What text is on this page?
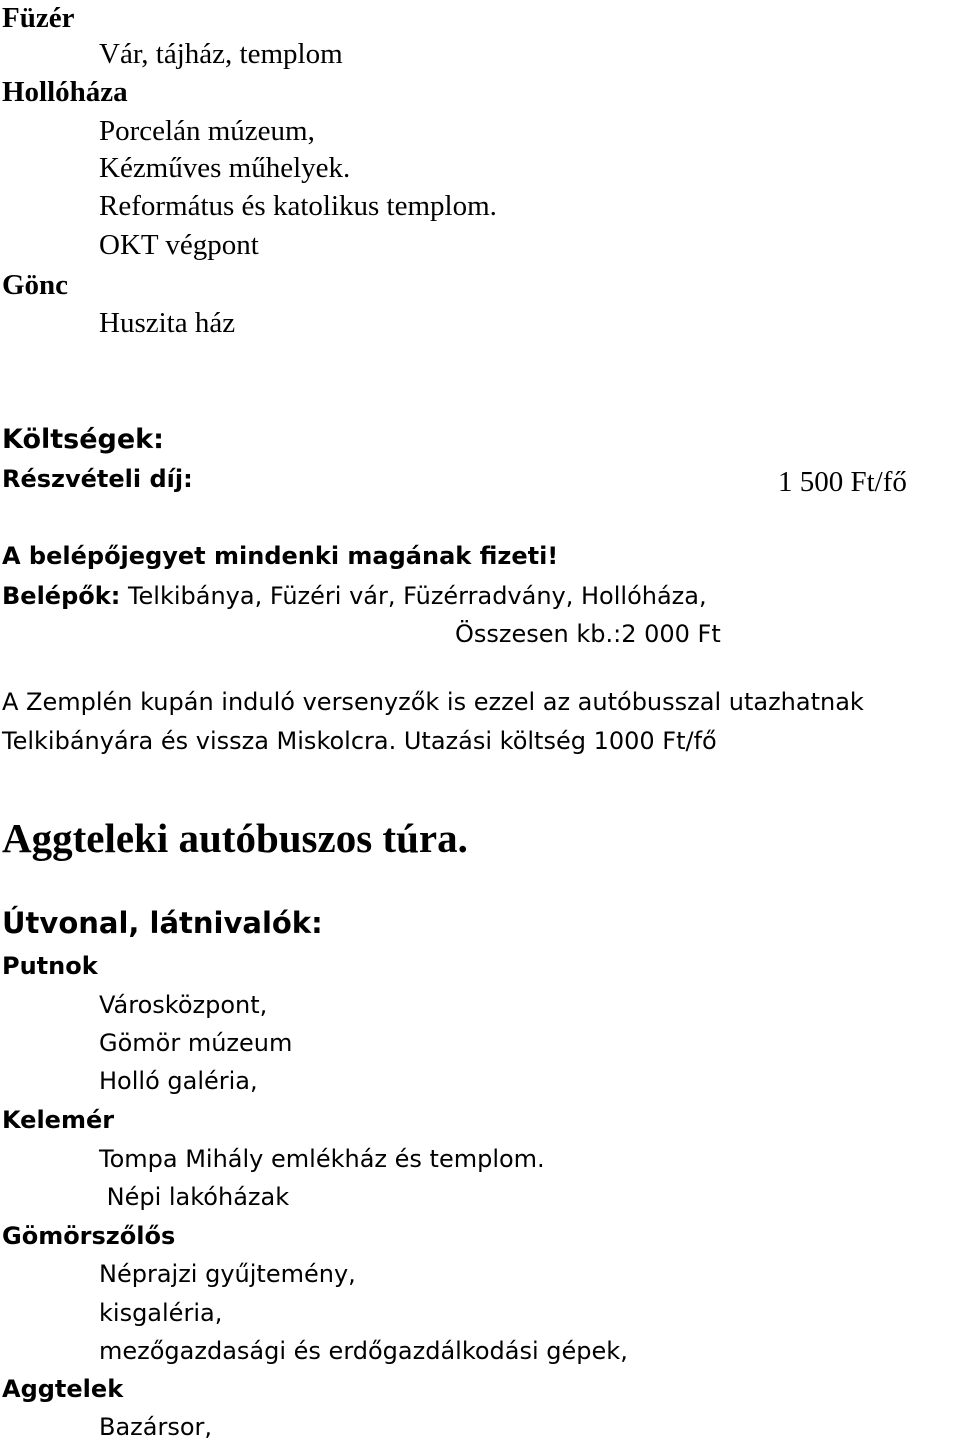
Füzér
Vár, tájház, templom
Hollóháza
Porcelán múzeum,
Kézműves műhelyek.
Református és katolikus templom.
OKT végpont
Gönc
Huszita ház
Költségek:
Részvételi díj:	1 500 Ft/fő
A belépőjegyet mindenki magának fizeti!
Belépők: Telkibánya, Füzéri vár, Füzérradvány, Hollóháza,
Összesen kb.:2 000 Ft
A Zemplén kupán induló versenyzők is ezzel az autóbusszal utazhatnak
Telkibányára és vissza Miskolcra. Utazási költség 1000 Ft/fő
Aggteleki autóbuszos túra.
Útvonal, látnivalók:
Putnok
Városközpont,
Gömör múzeum
Holló galéria,
Kelemér
Tompa Mihály emlékház és templom.
Népi lakóházak
Gömörszőlős
Néprajzi gyűjtemény,
kisgaléria,
mezőgazdasági és erdőgazdálkodási gépek,
Aggtelek
Bazársor,
